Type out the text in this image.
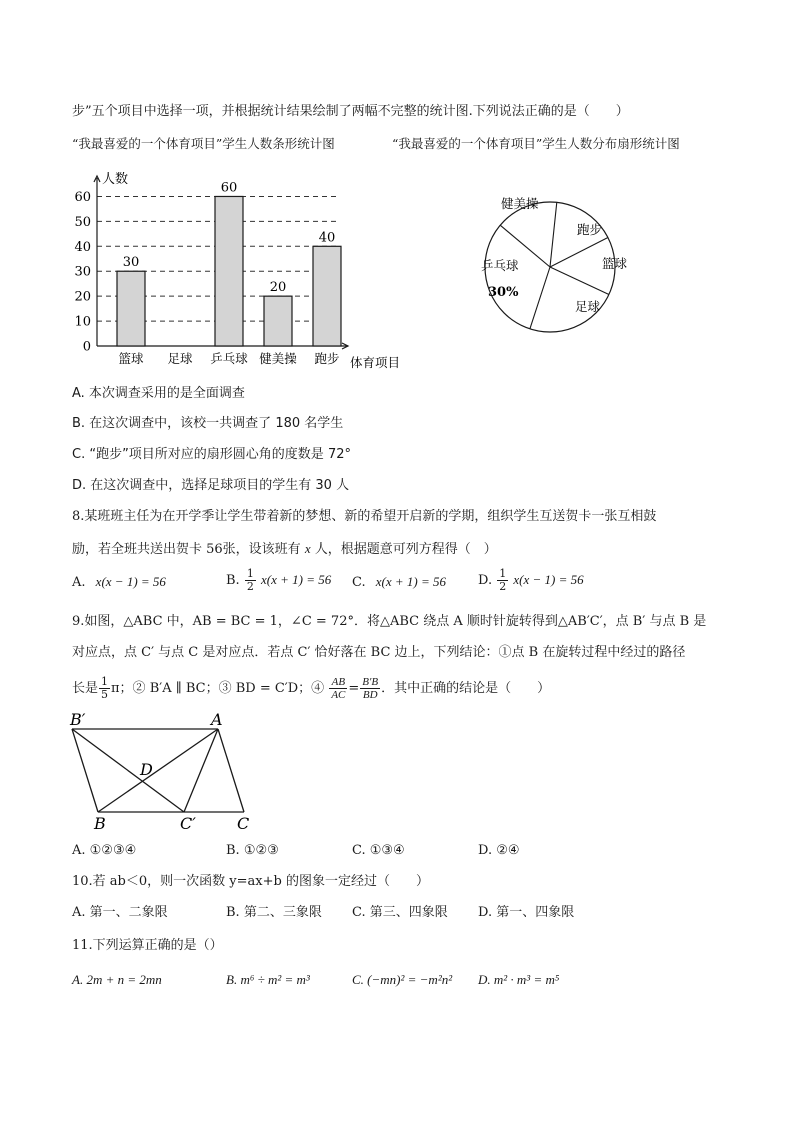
步”五个项目中选择一项，并根据统计结果绘制了两幅不完整的统计图.下列说法正确的是（　　）
“我最喜爱的一个体育项目”学生人数条形统计图	“我最喜爱的一个体育项目”学生人数分布扇形统计图
0
10
20
30
40
50
60
人数
体育项目
30
篮球 足球
60
乒乓球
20
健美操
40
跑步
乒乓球
30%
健美操
跑步
篮球
足球
A. 本次调查采用的是全面调查
B. 在这次调查中，该校一共调查了 180 名学生
C. “跑步”项目所对应的扇形圆心角的度数是 72°
D. 在这次调查中，选择足球项目的学生有 30 人
8.某班班主任为在开学季让学生带着新的梦想、新的希望开启新的学期，组织学生互送贺卡一张互相鼓
励，若全班共送出贺卡 56张，设该班有 x 人，根据题意可列方程得（　）
A. x(x − 1) = 56	B. $\frac{1}{2} x(x + 1) = 56$ C. x(x + 1) = 56 D. $\frac{1}{2} x(x - 1) = 56$
9.如图，△ABC 中，AB = BC = 1，∠C = 72°．将△ABC 绕点 A 顺时针旋转得到△AB′C′，点 B′ 与点 B 是
对应点，点 C′ 与点 C 是对应点．若点 C′ 恰好落在 BC 边上，下列结论：①点 B 在旋转过程中经过的路径
长是 $\frac{1}{5}$ π；② B′A ∥ BC；③ BD = C′D；④ $\frac{AB}{AC} = \frac{B'B}{BD}$ ．其中正确的结论是（　　）
B′	A
D
B	C′	C
A. ①②③④	B. ①②③	C. ①③④	D. ②④
10.若 ab＜0，则一次函数 y=ax+b 的图象一定经过（　　）
A. 第一、二象限	B. 第二、三象限 C. 第三、四象限 D. 第一、四象限
11.下列运算正确的是（）
A. 2m + n = 2mn	B. m⁶ ÷ m² = m³	C. (−mn)² = −m²n² D. m² · m³ = m⁵
